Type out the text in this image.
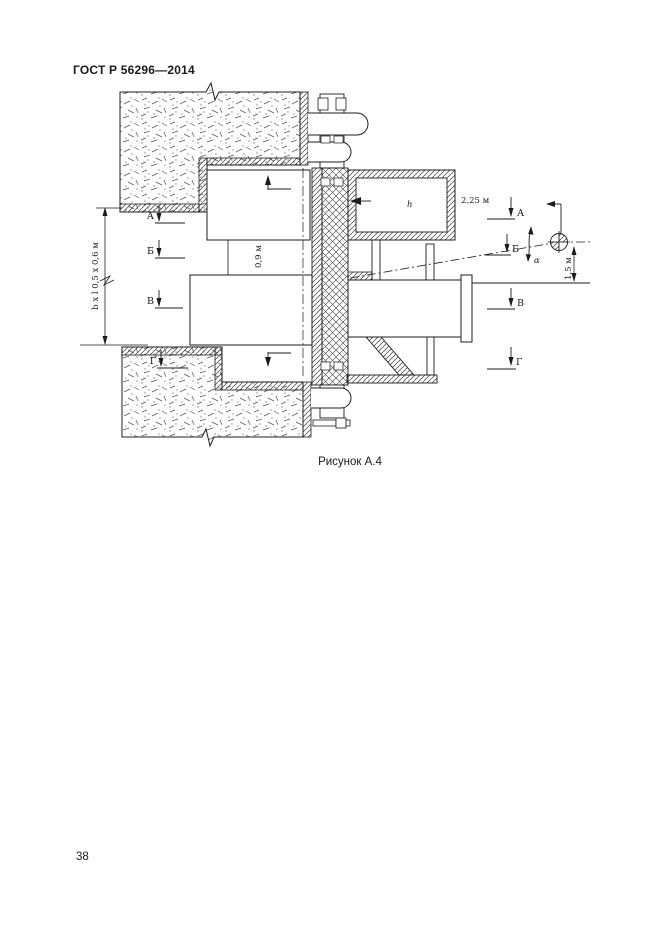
ГОСТ Р 56296—2014
0,9 м
h	2.25 м
α	1,5 м
b x l 0,5 x 0,6 м
А
Б
В
Г
А
Б
В
Г
Рисунок А.4
38
